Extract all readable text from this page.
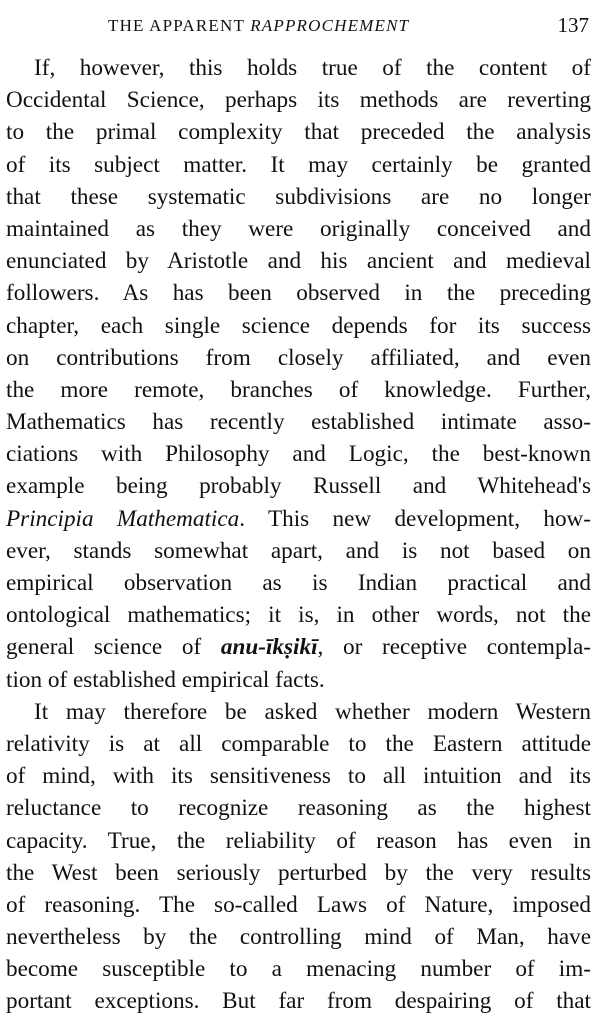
THE APPARENT RAPPROCHEMENT	137
If, however, this holds true of the content of
Occidental Science, perhaps its methods are reverting
to the primal complexity that preceded the analysis
of its subject matter. It may certainly be granted
that these systematic subdivisions are no longer
maintained as they were originally conceived and
enunciated by Aristotle and his ancient and medieval
followers. As has been observed in the preceding
chapter, each single science depends for its success
on contributions from closely affiliated, and even
the more remote, branches of knowledge. Further,
Mathematics has recently established intimate asso-
ciations with Philosophy and Logic, the best-known
example being probably Russell and Whitehead's
Principia Mathematica. This new development, how-
ever, stands somewhat apart, and is not based on
empirical observation as is Indian practical and
ontological mathematics; it is, in other words, not the
general science of anu-īkṣikī, or receptive contempla-
tion of established empirical facts.
It may therefore be asked whether modern Western
relativity is at all comparable to the Eastern attitude
of mind, with its sensitiveness to all intuition and its
reluctance to recognize reasoning as the highest
capacity. True, the reliability of reason has even in
the West been seriously perturbed by the very results
of reasoning. The so-called Laws of Nature, imposed
nevertheless by the controlling mind of Man, have
become susceptible to a menacing number of im-
portant exceptions. But far from despairing of that
